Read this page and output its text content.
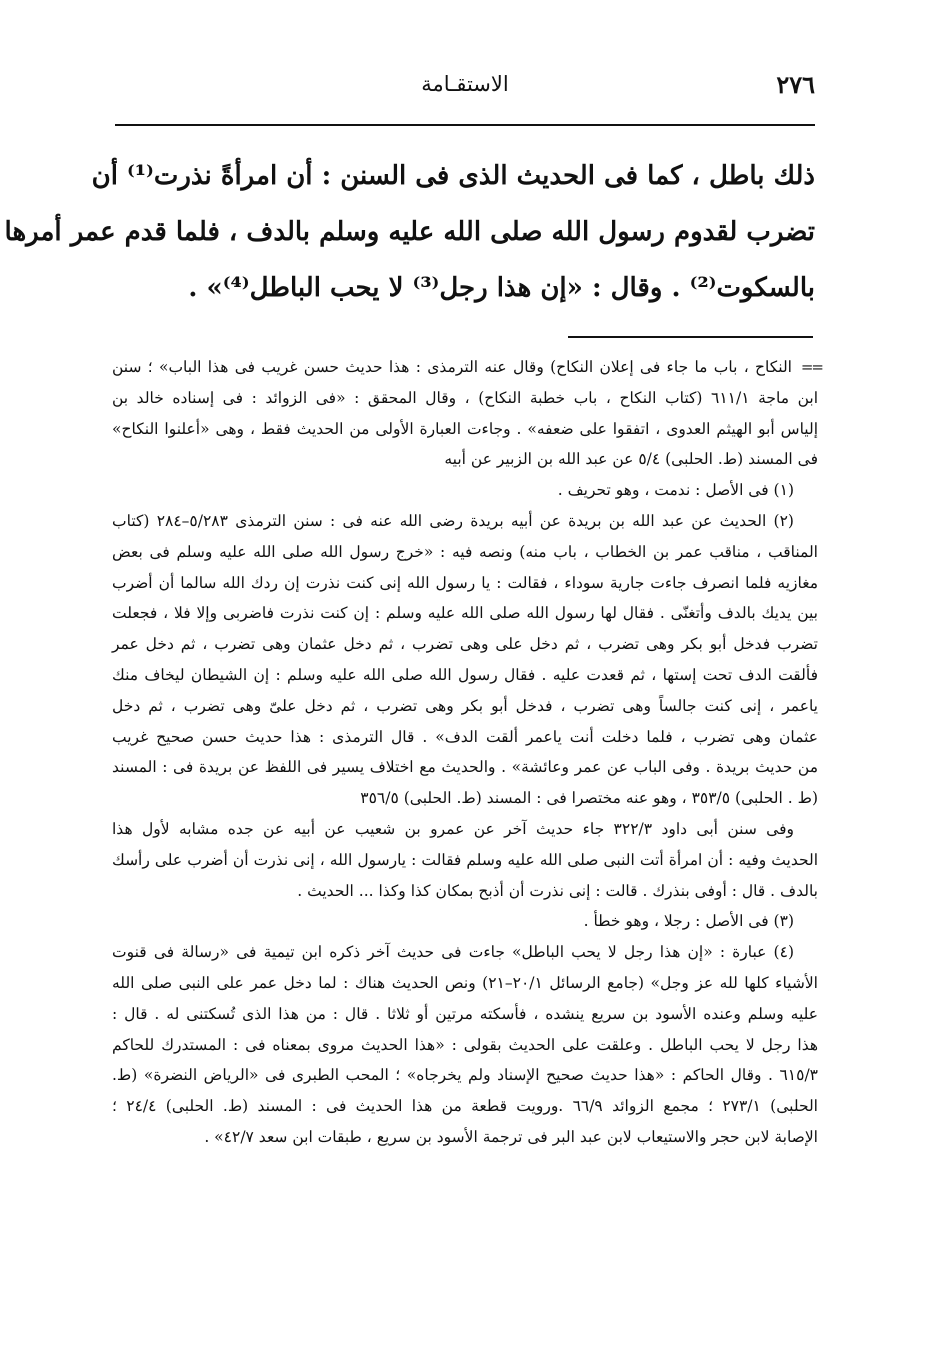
٢٧٦
الاستقـامة
ذلك باطل ، كما فى الحديث الذى فى السنن : أن امرأةً نذرت⁽¹⁾ أن
تضرب لقدوم رسول الله صلى الله عليه وسلم بالدف ، فلما قدم عمر أمرها
بالسكوت⁽²⁾ . وقال : «إن هذا رجل⁽³⁾ لا يحب الباطل⁽⁴⁾» .
==
النكاح ، باب ما جاء فى إعلان النكاح) وقال عنه الترمذى : هذا حديث حسن غريب فى هذا الباب» ؛ سنن
ابن ماجة ٦١١/١ (كتاب النكاح ، باب خطبة النكاح) ، وقال المحقق : «فى الزوائد : فى إسناده خالد بن
إلياس أبو الهيثم العدوى ، اتفقوا على ضعفه» . وجاءت العبارة الأولى من الحديث فقط ، وهى «أعلنوا النكاح»
فى المسند (ط. الحلبى) ٥/٤ عن عبد الله بن الزبير عن أبيه
(١) فى الأصل : ندمت ، وهو تحريف .
(٢) الحديث عن عبد الله بن بريدة عن أبيه بريدة رضى الله عنه فى : سنن الترمذى ٥/٢٨٣–٢٨٤ (كتاب
المناقب ، مناقب عمر بن الخطاب ، باب منه) ونصه فيه : «خرج رسول الله صلى الله عليه وسلم فى بعض
مغازيه فلما انصرف جاءت جارية سوداء ، فقالت : يا رسول الله إنى كنت نذرت إن ردك الله سالما أن أضرب
بين يديك بالدف وأتغنّى . فقال لها رسول الله صلى الله عليه وسلم : إن كنت نذرت فاضربى وإلا فلا ، فجعلت
تضرب فدخل أبو بكر وهى تضرب ، ثم دخل على وهى تضرب ، ثم دخل عثمان وهى تضرب ، ثم دخل عمر
فألقت الدف تحت إستها ، ثم قعدت عليه . فقال رسول الله صلى الله عليه وسلم : إن الشيطان ليخاف منك
ياعمر ، إنى كنت جالساً وهى تضرب ، فدخل أبو بكر وهى تضرب ، ثم دخل علىّ وهى تضرب ، ثم دخل
عثمان وهى تضرب ، فلما دخلت أنت ياعمر ألقت الدف» . قال الترمذى : هذا حديث حسن صحيح غريب
من حديث بريدة . وفى الباب عن عمر وعائشة» . والحديث مع اختلاف يسير فى اللفظ عن بريدة فى : المسند
(ط . الحلبى) ٣٥٣/٥ ، وهو عنه مختصرا فى : المسند (ط. الحلبى) ٣٥٦/٥
وفى سنن أبى داود ٣٢٢/٣ جاء حديث آخر عن عمرو بن شعيب عن أبيه عن جده مشابه لأول هذا
الحديث وفيه : أن امرأة أتت النبى صلى الله عليه وسلم فقالت : يارسول الله ، إنى نذرت أن أضرب على رأسك
بالدف . قال : أوفى بنذرك . قالت : إنى نذرت أن أذبح بمكان كذا وكذا ... الحديث .
(٣) فى الأصل : رجلا ، وهو خطأ .
(٤) عبارة : «إن هذا رجل لا يحب الباطل» جاءت فى حديث آخر ذكره ابن تيمية فى «رسالة فى قنوت
الأشياء كلها لله عز وجل» (جامع الرسائل ٢٠/١–٢١) ونص الحديث هناك : لما دخل عمر على النبى صلى الله
عليه وسلم وعنده الأسود بن سريع ينشده ، فأسكته مرتين أو ثلاثا . قال : من هذا الذى تُسكتنى له . قال :
هذا رجل لا يحب الباطل . وعلقت على الحديث بقولى : «هذا الحديث مروى بمعناه فى : المستدرك للحاكم
٦١٥/٣ . وقال الحاكم : «هذا حديث صحيح الإسناد ولم يخرجاه» ؛ المحب الطبرى فى «الرياض النضرة» (ط.
الحلبى) ٢٧٣/١ ؛ مجمع الزوائد ٦٦/٩ .ورويت قطعة من هذا الحديث فى : المسند (ط. الحلبى) ٢٤/٤ ؛
الإصابة لابن حجر والاستيعاب لابن عبد البر فى ترجمة الأسود بن سريع ، طبقات ابن سعد ٤٢/٧» .
